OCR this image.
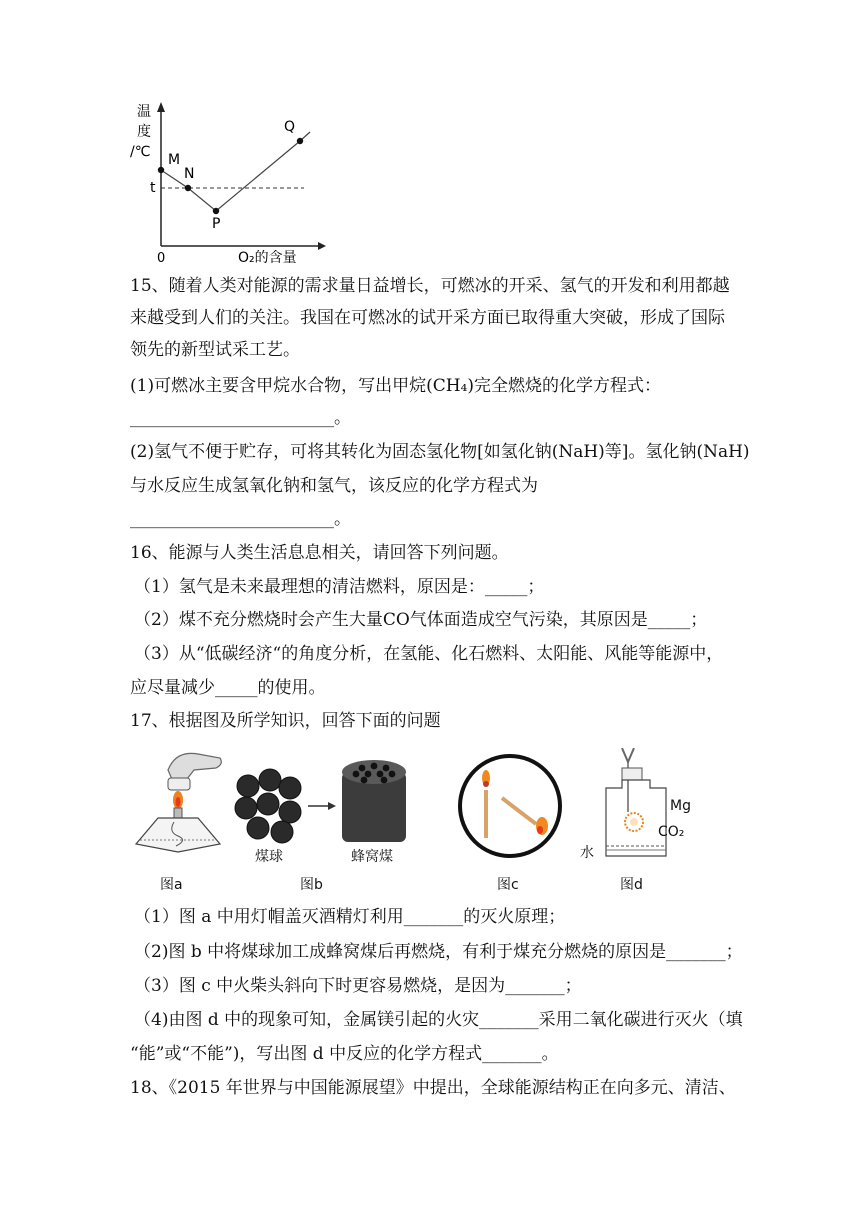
温
度
/℃ M
N
P
Q
t
0	O₂的含量
15、随着人类对能源的需求量日益增长，可燃冰的开采、氢气的开发和利用都越
来越受到人们的关注。我国在可燃冰的试开采方面已取得重大突破，形成了国际
领先的新型试采工艺。
(1)可燃冰主要含甲烷水合物，写出甲烷(CH₄)完全燃烧的化学方程式：
________________________。
(2)氢气不便于贮存，可将其转化为固态氢化物[如氢化钠(NaH)等]。氢化钠(NaH)
与水反应生成氢氧化钠和氢气，该反应的化学方程式为
________________________。
16、能源与人类生活息息相关，请回答下列问题。
（1）氢气是未来最理想的清洁燃料，原因是：_____；
（2）煤不充分燃烧时会产生大量CO气体面造成空气污染，其原因是_____；
（3）从“低碳经济“的角度分析，在氢能、化石燃料、太阳能、风能等能源中，
应尽量减少_____的使用。
17、根据图及所学知识，回答下面的问题
图a
煤球	蜂窝煤
图b	图c
Mg
CO₂
水
图d
（1）图 a 中用灯帽盖灭酒精灯利用_______的灭火原理；
（2)图 b 中将煤球加工成蜂窝煤后再燃烧，有利于煤充分燃烧的原因是_______；
（3）图 c 中火柴头斜向下时更容易燃烧，是因为_______；
（4)由图 d 中的现象可知，金属镁引起的火灾_______采用二氧化碳进行灭火（填
“能”或“不能”)，写出图 d 中反应的化学方程式_______。
18、《2015 年世界与中国能源展望》中提出，全球能源结构正在向多元、清洁、
